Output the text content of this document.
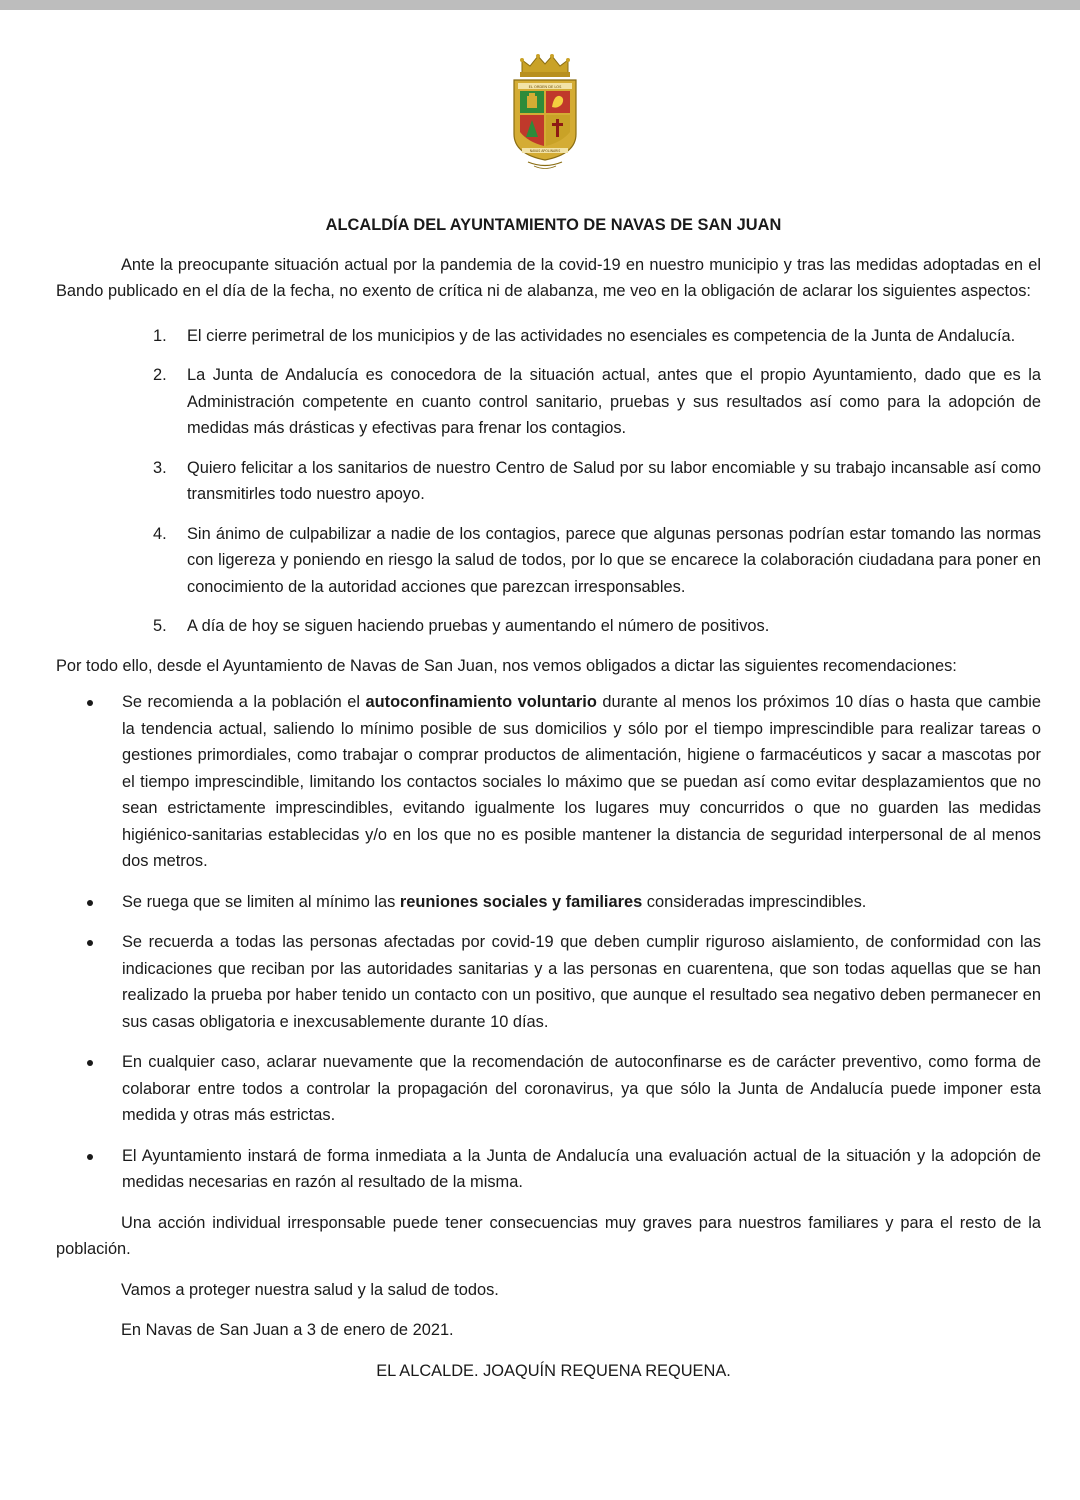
EL ORDEN DE LOS
NAVAS APOLINARIS
ALCALDÍA DEL AYUNTAMIENTO DE NAVAS DE SAN JUAN

Ante la preocupante situación actual por la pandemia de la covid-19 en nuestro municipio y tras las medidas adoptadas en el Bando publicado en el día de la fecha, no exento de crítica ni de alabanza, me veo en la obligación de aclarar los siguientes aspectos:

1. El cierre perimetral de los municipios y de las actividades no esenciales es competencia de la Junta de Andalucía.
2. La Junta de Andalucía es conocedora de la situación actual, antes que el propio Ayuntamiento, dado que es la Administración competente en cuanto control sanitario, pruebas y sus resultados así como para la adopción de medidas más drásticas y efectivas para frenar los contagios.
3. Quiero felicitar a los sanitarios de nuestro Centro de Salud por su labor encomiable y su trabajo incansable así como transmitirles todo nuestro apoyo.
4. Sin ánimo de culpabilizar a nadie de los contagios, parece que algunas personas podrían estar tomando las normas con ligereza y poniendo en riesgo la salud de todos, por lo que se encarece la colaboración ciudadana para poner en conocimiento de la autoridad acciones que parezcan irresponsables.
5. A día de hoy se siguen haciendo pruebas y aumentando el número de positivos.

Por todo ello, desde el Ayuntamiento de Navas de San Juan, nos vemos obligados a dictar las siguientes recomendaciones:

Se recomienda a la población el autoconfinamiento voluntario durante al menos los próximos 10 días o hasta que cambie la tendencia actual, saliendo lo mínimo posible de sus domicilios y sólo por el tiempo imprescindible para realizar tareas o gestiones primordiales, como trabajar o comprar productos de alimentación, higiene o farmacéuticos y sacar a mascotas por el tiempo imprescindible, limitando los contactos sociales lo máximo que se puedan así como evitar desplazamientos que no sean estrictamente imprescindibles, evitando igualmente los lugares muy concurridos o que no guarden las medidas higiénico-sanitarias establecidas y/o en los que no es posible mantener la distancia de seguridad interpersonal de al menos dos metros.
Se ruega que se limiten al mínimo las reuniones sociales y familiares consideradas imprescindibles.
Se recuerda a todas las personas afectadas por covid-19 que deben cumplir riguroso aislamiento, de conformidad con las indicaciones que reciban por las autoridades sanitarias y a las personas en cuarentena, que son todas aquellas que se han realizado la prueba por haber tenido un contacto con un positivo, que aunque el resultado sea negativo deben permanecer en sus casas obligatoria e inexcusablemente durante 10 días.
En cualquier caso, aclarar nuevamente que la recomendación de autoconfinarse es de carácter preventivo, como forma de colaborar entre todos a controlar la propagación del coronavirus, ya que sólo la Junta de Andalucía puede imponer esta medida y otras más estrictas.
El Ayuntamiento instará de forma inmediata a la Junta de Andalucía una evaluación actual de la situación y la adopción de medidas necesarias en razón al resultado de la misma.

Una acción individual irresponsable puede tener consecuencias muy graves para nuestros familiares y para el resto de la población.

Vamos a proteger nuestra salud y la salud de todos.
En Navas de San Juan a 3 de enero de 2021.
EL ALCALDE. JOAQUÍN REQUENA REQUENA.
